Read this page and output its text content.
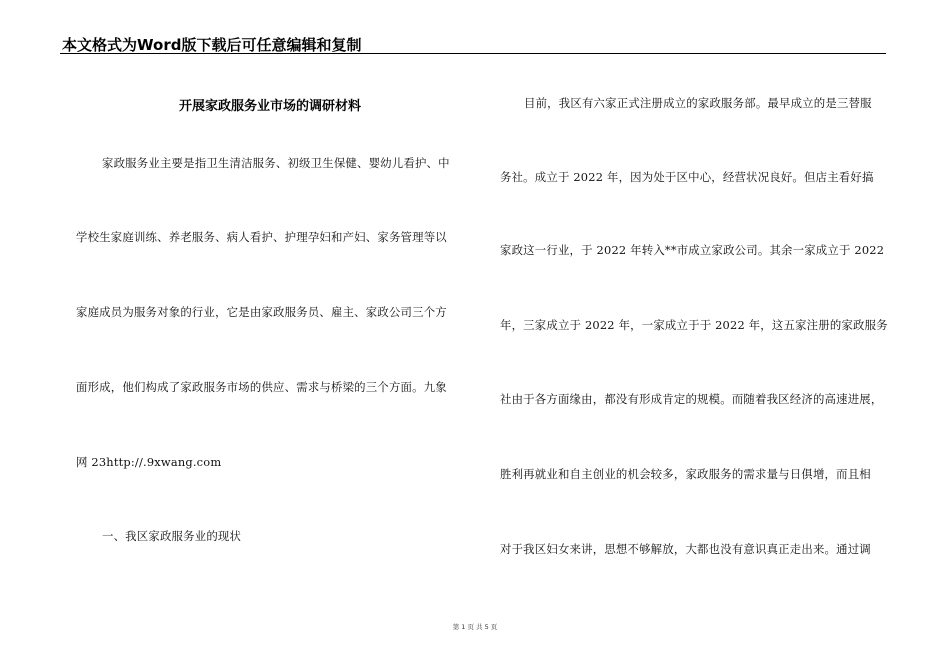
本文格式为Word版下载后可任意编辑和复制
开展家政服务业市场的调研材料
家政服务业主要是指卫生清洁服务、初级卫生保健、婴幼儿看护、中
学校生家庭训练、养老服务、病人看护、护理孕妇和产妇、家务管理等以
家庭成员为服务对象的行业，它是由家政服务员、雇主、家政公司三个方
面形成，他们构成了家政服务市场的供应、需求与桥梁的三个方面。九象
网 23http://.9xwang.com
一、我区家政服务业的现状
目前，我区有六家正式注册成立的家政服务部。最早成立的是三替服
务社。成立于 2022 年，因为处于区中心，经营状况良好。但店主看好搞
家政这一行业，于 2022 年转入**市成立家政公司。其余一家成立于 2022
年，三家成立于 2022 年，一家成立于于 2022 年，这五家注册的家政服务
社由于各方面缘由，都没有形成肯定的规模。而随着我区经济的高速进展，
胜利再就业和自主创业的机会较多，家政服务的需求量与日俱增，而且相
对于我区妇女来讲，思想不够解放，大都也没有意识真正走出来。通过调
第 1 页 共 5 页
